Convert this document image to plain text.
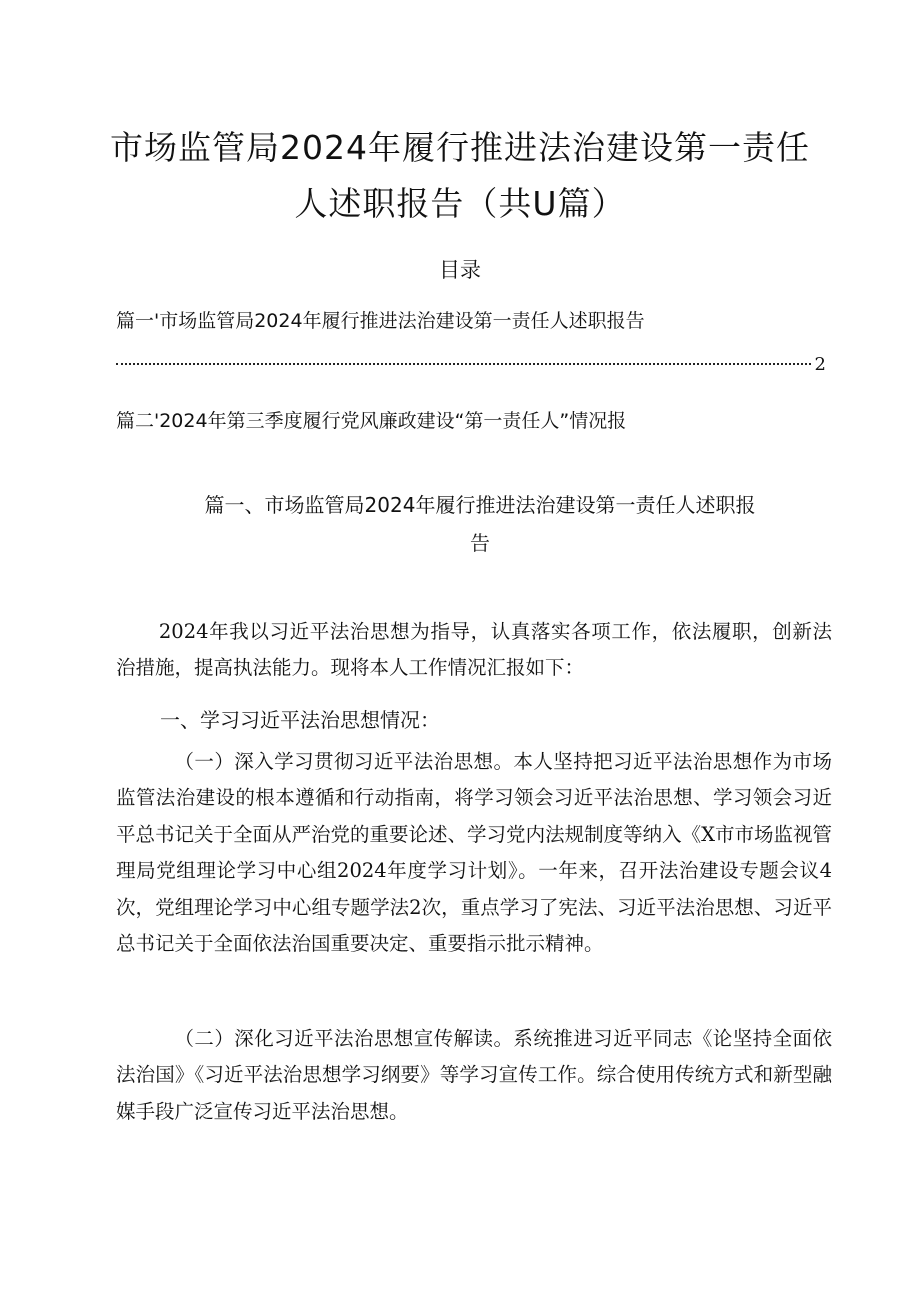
市场监管局2024年履行推进法治建设第一责任
人述职报告（共U篇）
目录
篇一'市场监管局2024年履行推进法治建设第一责任人述职报告
2
篇二'2024年第三季度履行党风廉政建设“第一责任人”情况报
篇一、市场监管局2024年履行推进法治建设第一责任人述职报
告

2024年我以习近平法治思想为指导，认真落实各项工作，依法履职，创新法治措施，提高执法能力。现将本人工作情况汇报如下：

一、学习习近平法治思想情况：

（一）深入学习贯彻习近平法治思想。本人坚持把习近平法治思想作为市场监管法治建设的根本遵循和行动指南，将学习领会习近平法治思想、学习领会习近平总书记关于全面从严治党的重要论述、学习党内法规制度等纳入《X市市场监视管理局党组理论学习中心组2024年度学习计划》。一年来，召开法治建设专题会议4次，党组理论学习中心组专题学法2次，重点学习了宪法、习近平法治思想、习近平总书记关于全面依法治国重要决定、重要指示批示精神。

（二）深化习近平法治思想宣传解读。系统推进习近平同志《论坚持全面依法治国》《习近平法治思想学习纲要》等学习宣传工作。综合使用传统方式和新型融媒手段广泛宣传习近平法治思想。
